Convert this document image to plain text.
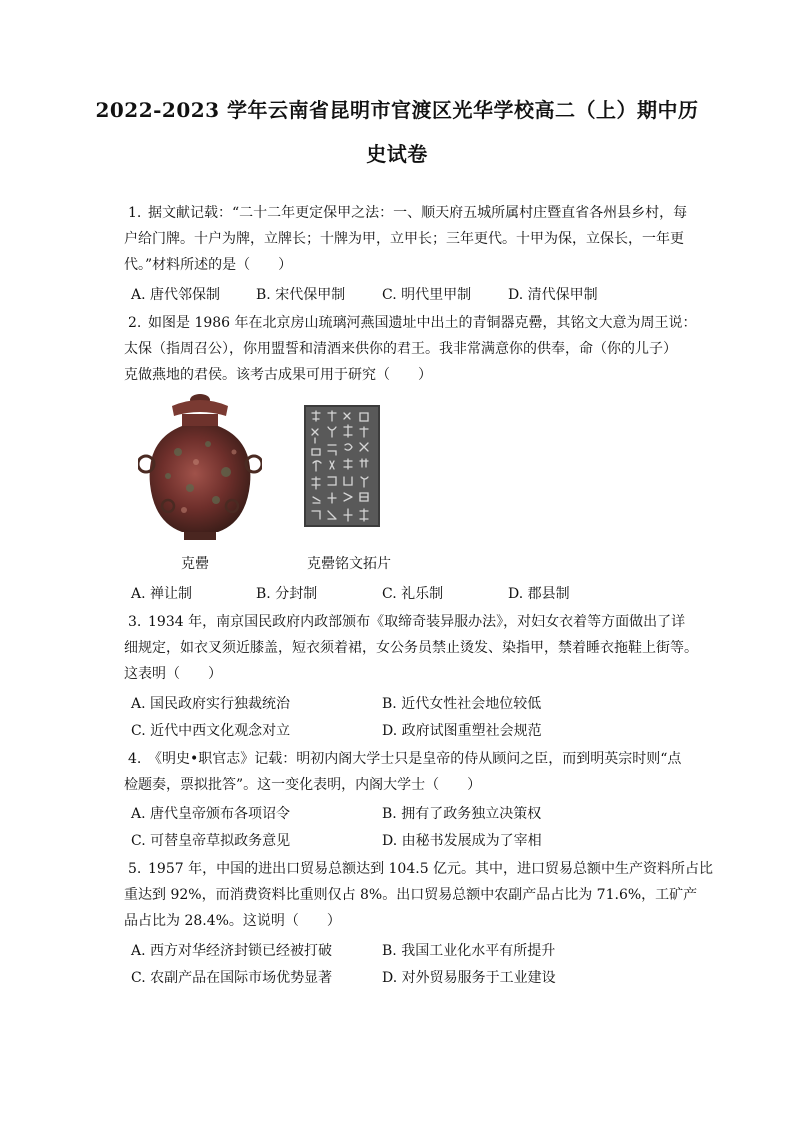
2022-2023 学年云南省昆明市官渡区光华学校高二（上）期中历
史试卷
1. 据文献记载：“二十二年更定保甲之法：一、顺天府五城所属村庄暨直省各州县乡村，每
户给门牌。十户为牌，立牌长；十牌为甲，立甲长；三年更代。十甲为保，立保长，一年更
代。”材料所述的是（　　）
A. 唐代邻保制	B. 宋代保甲制	C. 明代里甲制	D. 清代保甲制
2. 如图是 1986 年在北京房山琉璃河燕国遗址中出土的青铜器克罍，其铭文大意为周王说：
太保（指周召公），你用盟誓和清酒来供你的君王。我非常满意你的供奉，命（你的儿子）
克做燕地的君侯。该考古成果可用于研究（　　）
克罍	克罍铭文拓片
A. 禅让制	B. 分封制	C. 礼乐制	D. 郡县制
3. 1934 年，南京国民政府内政部颁布《取缔奇装异服办法》，对妇女衣着等方面做出了详
细规定，如衣叉须近膝盖，短衣须着裙，女公务员禁止烫发、染指甲，禁着睡衣拖鞋上街等。
这表明（　　）
A. 国民政府实行独裁统治	B. 近代女性社会地位较低
C. 近代中西文化观念对立	D. 政府试图重塑社会规范
4. 《明史•职官志》记载：明初内阁大学士只是皇帝的侍从顾问之臣，而到明英宗时则“点
检题奏，票拟批答”。这一变化表明，内阁大学士（　　）
A. 唐代皇帝颁布各项诏令	B. 拥有了政务独立决策权
C. 可替皇帝草拟政务意见	D. 由秘书发展成为了宰相
5. 1957 年，中国的进出口贸易总额达到 104.5 亿元。其中，进口贸易总额中生产资料所占比
重达到 92%，而消费资料比重则仅占 8%。出口贸易总额中农副产品占比为 71.6%，工矿产
品占比为 28.4%。这说明（　　）
A. 西方对华经济封锁已经被打破	B. 我国工业化水平有所提升
C. 农副产品在国际市场优势显著	D. 对外贸易服务于工业建设
